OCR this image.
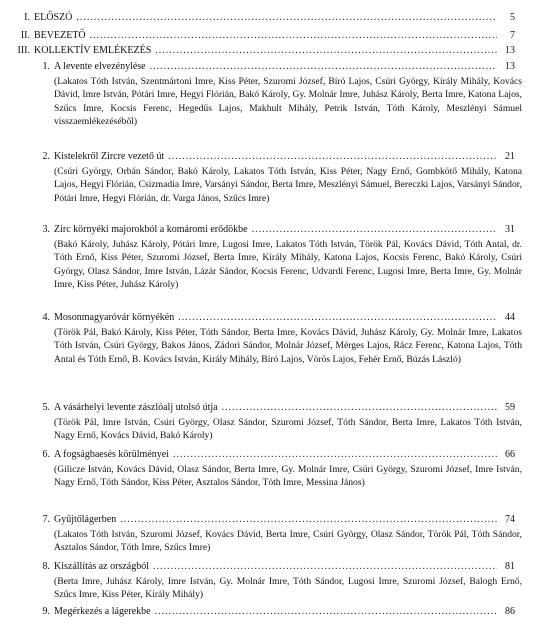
I. ELŐSZÓ .....	5
II. BEVEZETŐ .....	7
III. KOLLEKTÍV EMLÉKEZÉS .....	13
1. A levente elvezénylése .....	13
(Lakatos Tóth István, Szentmártoni Imre, Kiss Péter, Szuromi József, Bíró Lajos, Csúri György, Király Mihály, Kovács Dávid, Imre István, Pótári Imre, Hegyi Flórián, Bakó Károly, Gy. Molnár Imre, Juhász Károly, Berta Imre, Katona Lajos, Szűcs Imre, Kocsis Ferenc, Hegedűs Lajos, Makhult Mihály, Petrik István, Tóth Károly, Meszlényi Sámuel visszaemlékezéséből)
2. Kistelekről Zircre vezető út .....	21
(Csúri György, Orbán Sándor, Bakó Károly, Lakatos Tóth István, Kiss Péter, Nagy Ernő, Gombkötő Mihály, Katona Lajos, Hegyi Flórián, Csizmadia Imre, Varsányi Sándor, Berta Imre, Meszlényi Sámuel, Bereczki Lajos, Varsányi Sándor, Pótári Imre, Hegyi Flórián, dr. Varga János, Szűcs Imre)
3. Zirc környéki majorokból a komáromi erődökbe .....	31
(Bakó Károly, Juhász Károly, Pótári Imre, Lugosi Imre, Lakatos Tóth István, Török Pál, Kovács Dávid, Tóth Antal, dr. Tóth Ernő, Kiss Péter, Szuromi József, Berta Imre, Király Mihály, Katona Lajos, Kocsis Ferenc, Bakó Károly, Csúri György, Olasz Sándor, Imre István, Lázár Sándor, Kocsis Ferenc, Udvardi Ferenc, Lugosi Imre, Berta Imre, Gy. Molnár Imre, Kiss Péter, Juhász Károly)
4. Mosonmagyaróvár környékén .....	44
(Török Pál, Bakó Károly, Kiss Péter, Tóth Sándor, Berta Imre, Kovács Dávid, Juhász Károly, Gy. Molnár Imre, Lakatos Tóth István, Csúri György, Bakos János, Zádori Sándor, Molnár József, Mérges Lajos, Rácz Ferenc, Katona Lajos, Tóth Antal és Tóth Ernő, B. Kovács István, Király Mihály, Bíró Lajos, Vörös Lajos, Fehér Ernő, Búzás László)
5. A vásárhelyi levente zászlóalj utolsó útja .....	59
(Török Pál, Imre István, Csúri György, Olasz Sándor, Szuromi József, Tóth Sándor, Berta Imre, Lakatos Tóth István, Nagy Ernő, Kovács Dávid, Bakó Károly)
6. A fogságbaesés körülményei .....	66
(Gilicze István, Kovács Dávid, Olasz Sándor, Berta Imre, Gy. Molnár Imre, Csúri György, Szuromi József, Imre István, Nagy Ernő, Tóth Sándor, Kiss Péter, Asztalos Sándor, Tóth Imre, Messina János)
7. Gyűjtőlágerben .....	74
(Lakatos Tóth István, Szuromi József, Kovács Dávid, Berta Imre, Csúri György, Olasz Sándor, Török Pál, Tóth Sándor, Asztalos Sándor, Tóth Imre, Szűcs Imre)
8. Kiszállítás az országból .....	81
(Berta Imre, Juhász Károly, Imre István, Gy. Molnár Imre, Tóth Sándor, Lugosi Imre, Szuromi József, Balogh Ernő, Szűcs Imre, Kiss Péter, Király Mihály)
9. Megérkezés a lágerekbe .....	86
